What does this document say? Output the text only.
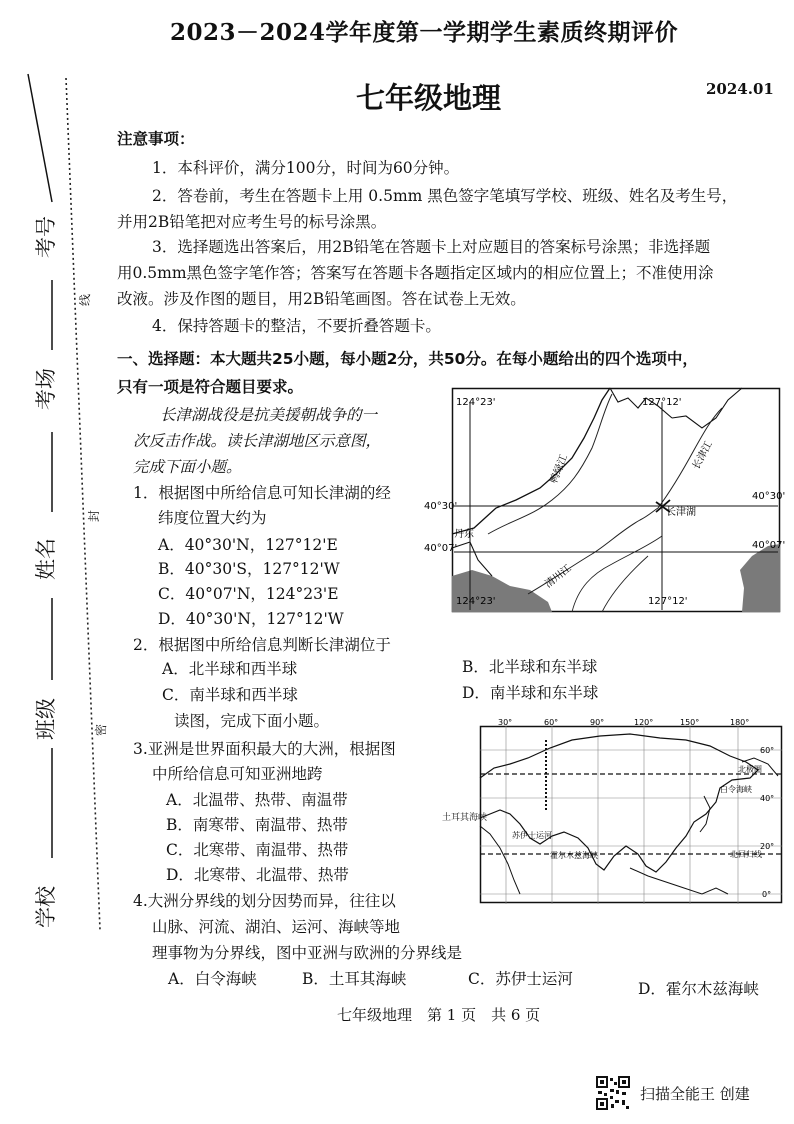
2023－2024学年度第一学期学生素质终期评价
七年级地理	2024.01
考号
考场
姓名
班级
学校
线
封
密
注意事项：
1．本科评价，满分100分，时间为60分钟。
2．答卷前，考生在答题卡上用 0.5mm 黑色签字笔填写学校、班级、姓名及考生号，
并用2B铅笔把对应考生号的标号涂黑。
3．选择题选出答案后，用2B铅笔在答题卡上对应题目的答案标号涂黑；非选择题
用0.5mm黑色签字笔作答；答案写在答题卡各题指定区域内的相应位置上；不准使用涂
改液。涉及作图的题目，用2B铅笔画图。答在试卷上无效。
4．保持答题卡的整洁，不要折叠答题卡。
一、选择题：本大题共25小题，每小题2分，共50分。在每小题给出的四个选项中，
只有一项是符合题目要求。
长津湖战役是抗美援朝战争的一
次反击作战。读长津湖地区示意图，
完成下面小题。
1．根据图中所给信息可知长津湖的经
纬度位置大约为
A．40°30'N，127°12'E
B．40°30'S，127°12'W
C．40°07'N，124°23'E
D．40°30'N，127°12'W
2．根据图中所给信息判断长津湖位于
A．北半球和西半球	B．北半球和东半球
C．南半球和西半球	D．南半球和东半球
读图，完成下面小题。
3.亚洲是世界面积最大的大洲，根据图
中所给信息可知亚洲地跨
A．北温带、热带、南温带
B．南寒带、南温带、热带
C．北寒带、南温带、热带
D．北寒带、北温带、热带
4.大洲分界线的划分因势而异，往往以
山脉、河流、湖泊、运河、海峡等地
理事物为分界线，图中亚洲与欧洲的分界线是
A．白令海峡	B．土耳其海峡	C．苏伊士运河
D．霍尔木兹海峡
124°23'	127°12'
124°23'	127°12'
40°30'
40°30'
40°07'	40°07'
长津湖
丹东
鸭绿江	长津江
清川江
30°	60°	90°	120°	150°	180°
60°
40°
20°
0°
北极圈
北回归线
白令海峡
苏伊士运河
霍尔木兹海峡
土耳其海峡
七年级地理　第 1 页　共 6 页
扫描全能王 创建
